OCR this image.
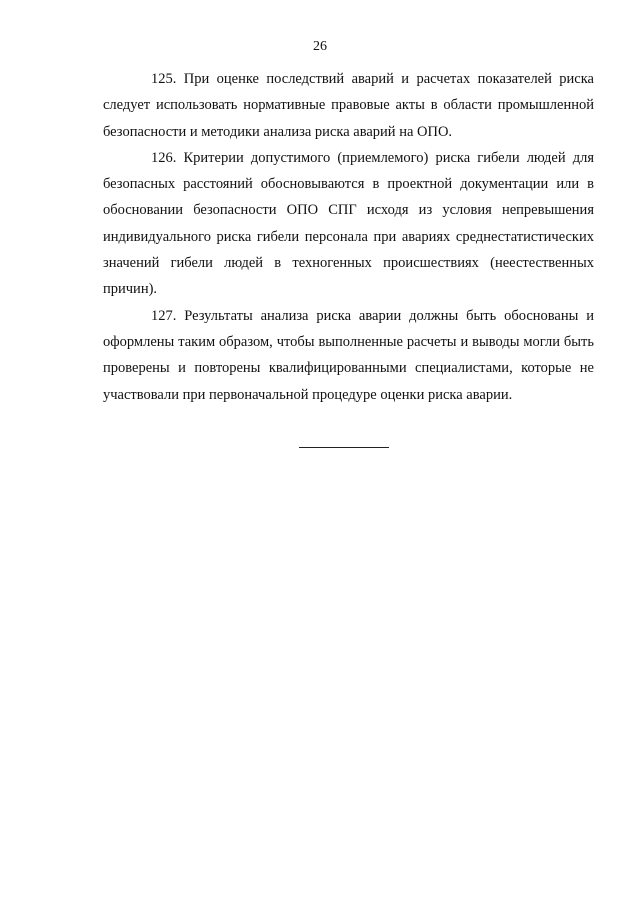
26

125. При оценке последствий аварий и расчетах показателей риска следует использовать нормативные правовые акты в области промышленной безопасности и методики анализа риска аварий на ОПО.

126. Критерии допустимого (приемлемого) риска гибели людей для безопасных расстояний обосновываются в проектной документации или в обосновании безопасности ОПО СПГ исходя из условия непревышения индивидуального риска гибели персонала при авариях среднестатистических значений гибели людей в техногенных происшествиях (неестественных причин).

127. Результаты анализа риска аварии должны быть обоснованы и оформлены таким образом, чтобы выполненные расчеты и выводы могли быть проверены и повторены квалифицированными специалистами, которые не участвовали при первоначальной процедуре оценки риска аварии.
